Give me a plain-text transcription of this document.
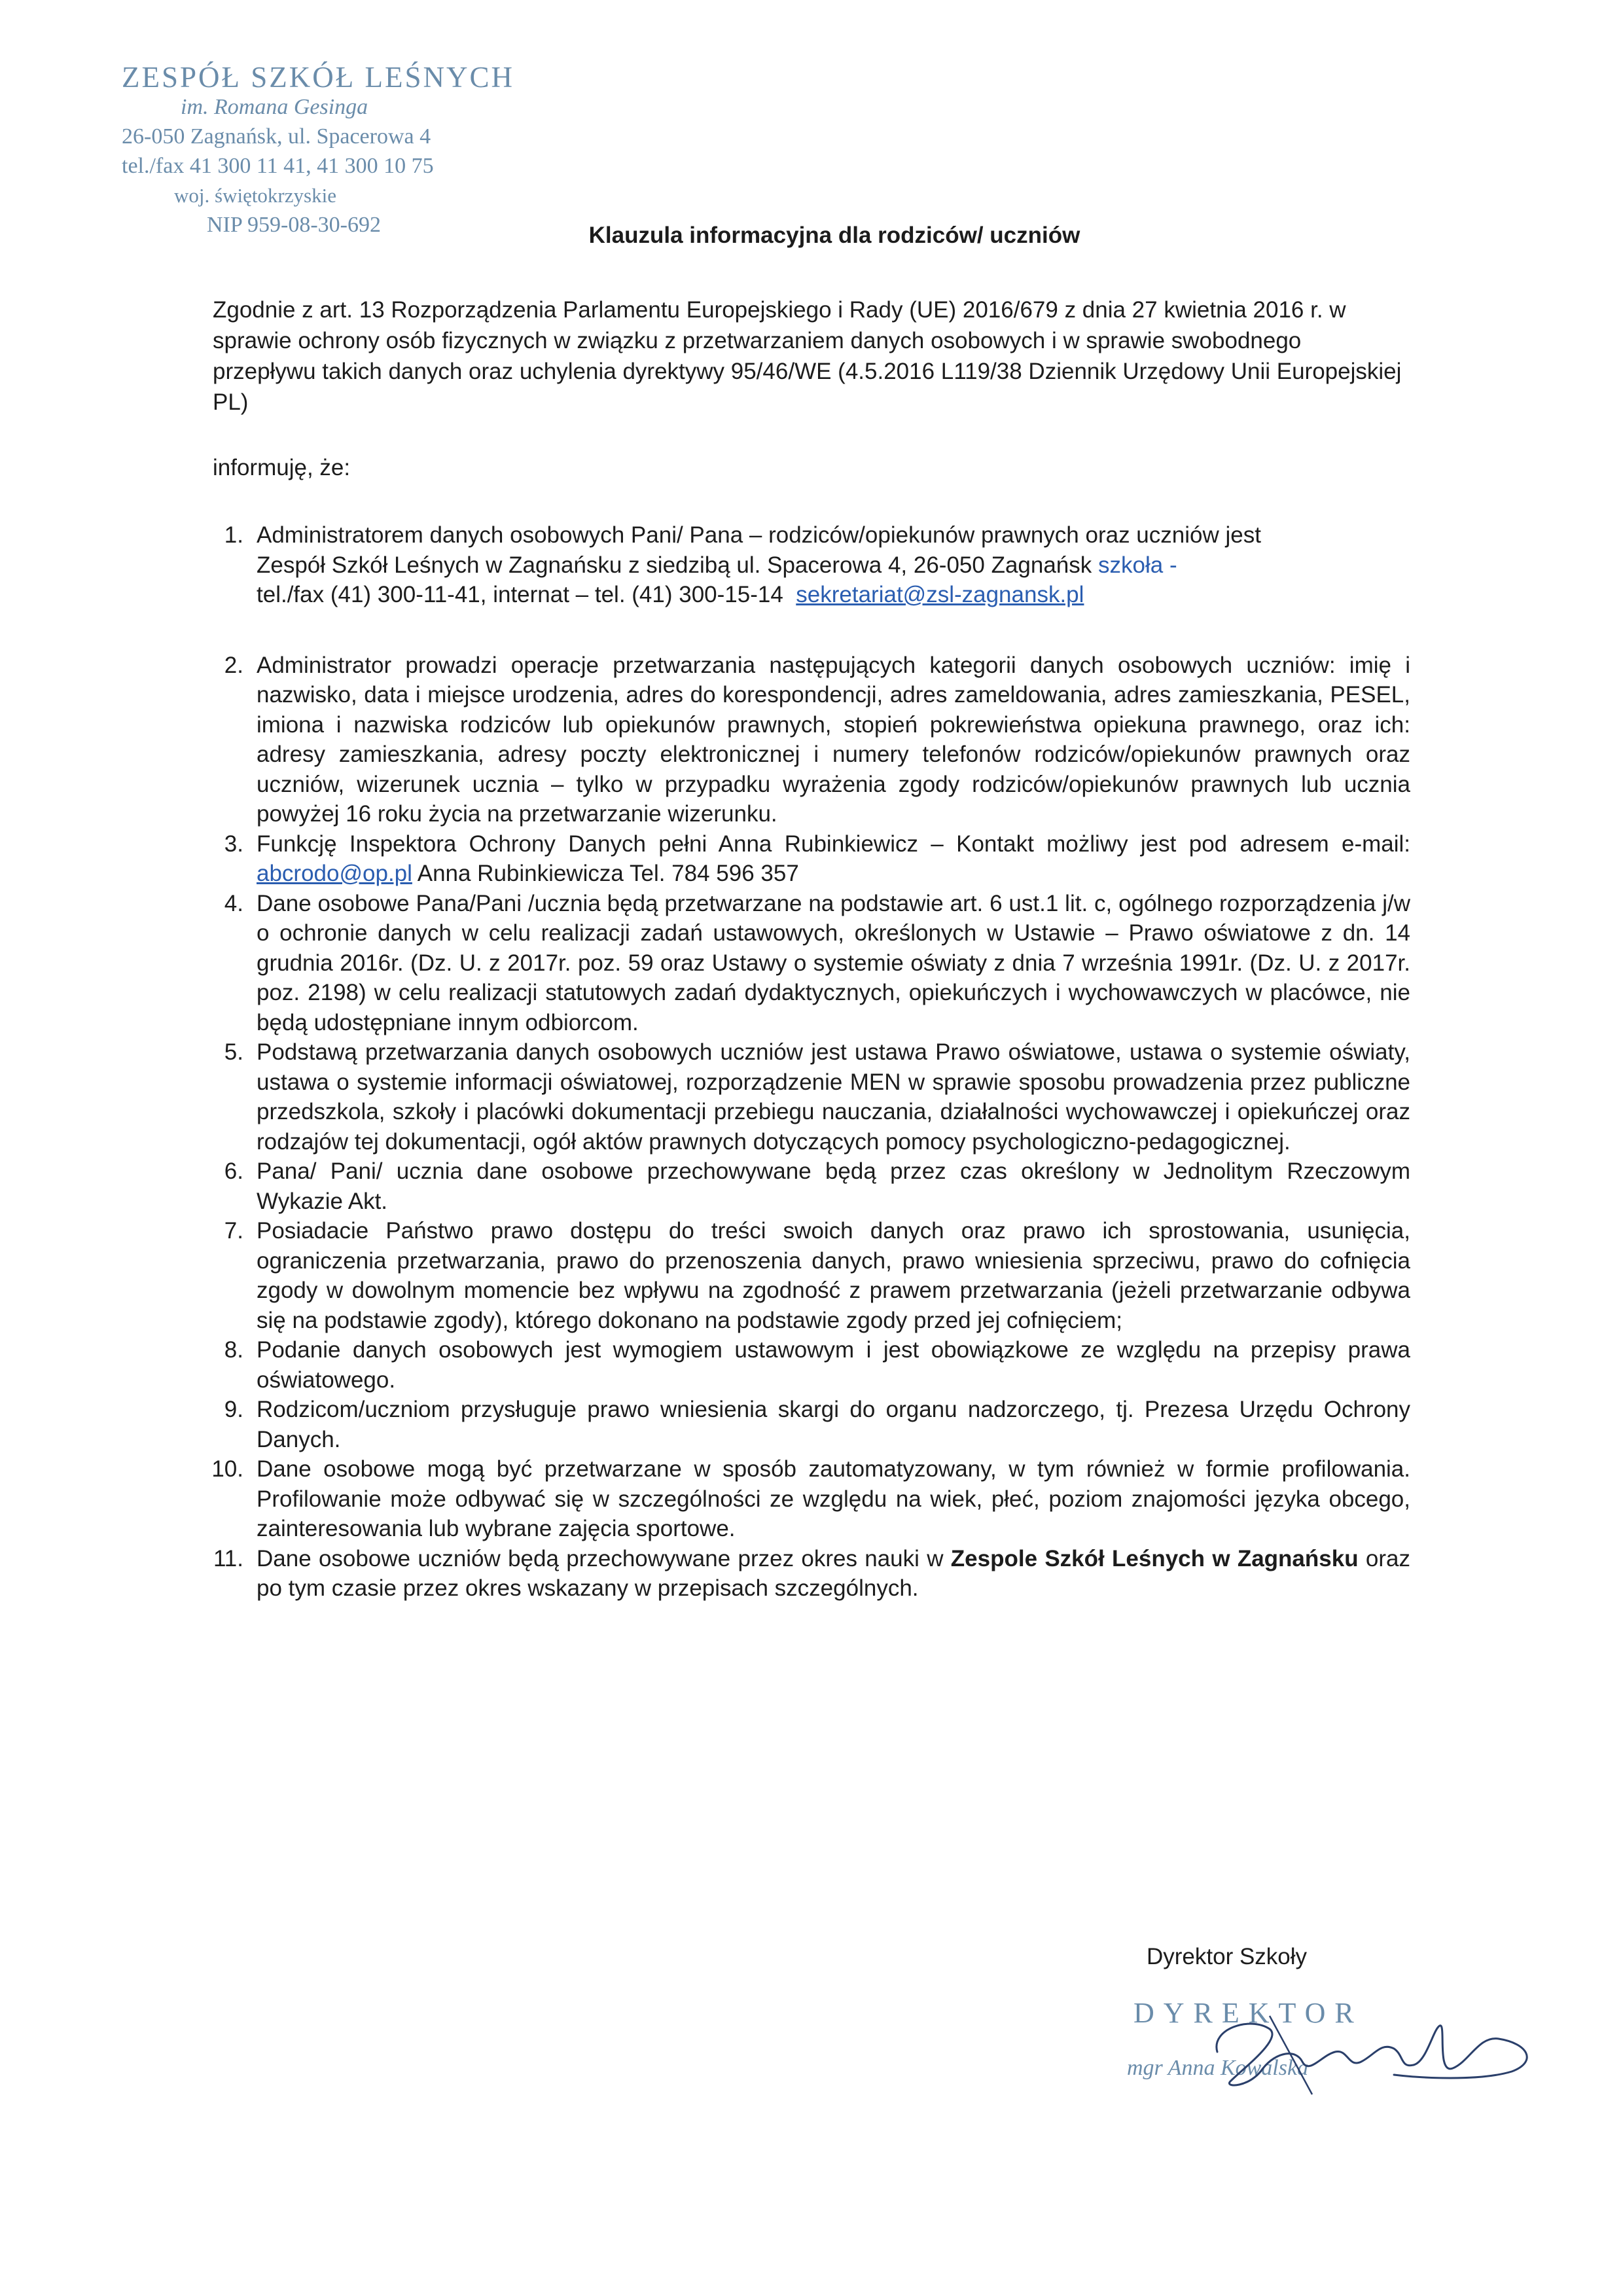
ZESPÓŁ SZKÓŁ LEŚNYCH
im. Romana Gesinga
26-050 Zagnańsk, ul. Spacerowa 4
tel./fax 41 300 11 41, 41 300 10 75
woj. świętokrzyskie
NIP 959-08-30-692	Klauzula informacyjna dla rodziców/ uczniów
Zgodnie z art. 13 Rozporządzenia Parlamentu Europejskiego i Rady (UE) 2016/679 z dnia 27 kwietnia 2016 r. w sprawie ochrony osób fizycznych w związku z przetwarzaniem danych osobowych i w sprawie swobodnego przepływu takich danych oraz uchylenia dyrektywy 95/46/WE (4.5.2016 L119/38 Dziennik Urzędowy Unii Europejskiej PL)
informuję, że:
1. Administratorem danych osobowych Pani/ Pana – rodziców/opiekunów prawnych oraz uczniów jest
Zespół Szkół Leśnych w Zagnańsku z siedzibą ul. Spacerowa 4, 26-050 Zagnańsk szkoła -
tel./fax (41) 300-11-41, internat – tel. (41) 300-15-14 sekretariat@zsl-zagnansk.pl
2. Administrator prowadzi operacje przetwarzania następujących kategorii danych osobowych uczniów: imię i nazwisko, data i miejsce urodzenia, adres do korespondencji, adres zameldowania, adres zamieszkania, PESEL, imiona i nazwiska rodziców lub opiekunów prawnych, stopień pokrewieństwa opiekuna prawnego, oraz ich: adresy zamieszkania, adresy poczty elektronicznej i numery telefonów rodziców/opiekunów prawnych oraz uczniów, wizerunek ucznia – tylko w przypadku wyrażenia zgody rodziców/opiekunów prawnych lub ucznia powyżej 16 roku życia na przetwarzanie wizerunku.
3. Funkcję Inspektora Ochrony Danych pełni Anna Rubinkiewicz – Kontakt możliwy jest pod adresem e-mail: abcrodo@op.pl Anna Rubinkiewicza Tel. 784 596 357
4. Dane osobowe Pana/Pani /ucznia będą przetwarzane na podstawie art. 6 ust.1 lit. c, ogólnego rozporządzenia j/w o ochronie danych w celu realizacji zadań ustawowych, określonych w Ustawie – Prawo oświatowe z dn. 14 grudnia 2016r. (Dz. U. z 2017r. poz. 59 oraz Ustawy o systemie oświaty z dnia 7 września 1991r. (Dz. U. z 2017r. poz. 2198) w celu realizacji statutowych zadań dydaktycznych, opiekuńczych i wychowawczych w placówce, nie będą udostępniane innym odbiorcom.
5. Podstawą przetwarzania danych osobowych uczniów jest ustawa Prawo oświatowe, ustawa o systemie oświaty, ustawa o systemie informacji oświatowej, rozporządzenie MEN w sprawie sposobu prowadzenia przez publiczne przedszkola, szkoły i placówki dokumentacji przebiegu nauczania, działalności wychowawczej i opiekuńczej oraz rodzajów tej dokumentacji, ogół aktów prawnych dotyczących pomocy psychologiczno-pedagogicznej.
6. Pana/ Pani/ ucznia dane osobowe przechowywane będą przez czas określony w Jednolitym Rzeczowym Wykazie Akt.
7. Posiadacie Państwo prawo dostępu do treści swoich danych oraz prawo ich sprostowania, usunięcia, ograniczenia przetwarzania, prawo do przenoszenia danych, prawo wniesienia sprzeciwu, prawo do cofnięcia zgody w dowolnym momencie bez wpływu na zgodność z prawem przetwarzania (jeżeli przetwarzanie odbywa się na podstawie zgody), którego dokonano na podstawie zgody przed jej cofnięciem;
8. Podanie danych osobowych jest wymogiem ustawowym i jest obowiązkowe ze względu na przepisy prawa oświatowego.
9. Rodzicom/uczniom przysługuje prawo wniesienia skargi do organu nadzorczego, tj. Prezesa Urzędu Ochrony Danych.
10. Dane osobowe mogą być przetwarzane w sposób zautomatyzowany, w tym również w formie profilowania. Profilowanie może odbywać się w szczególności ze względu na wiek, płeć, poziom znajomości języka obcego, zainteresowania lub wybrane zajęcia sportowe.
11. Dane osobowe uczniów będą przechowywane przez okres nauki w Zespole Szkół Leśnych w Zagnańsku oraz po tym czasie przez okres wskazany w przepisach szczególnych.
Dyrektor Szkoły
DYREKTOR
mgr Anna Kowalska
